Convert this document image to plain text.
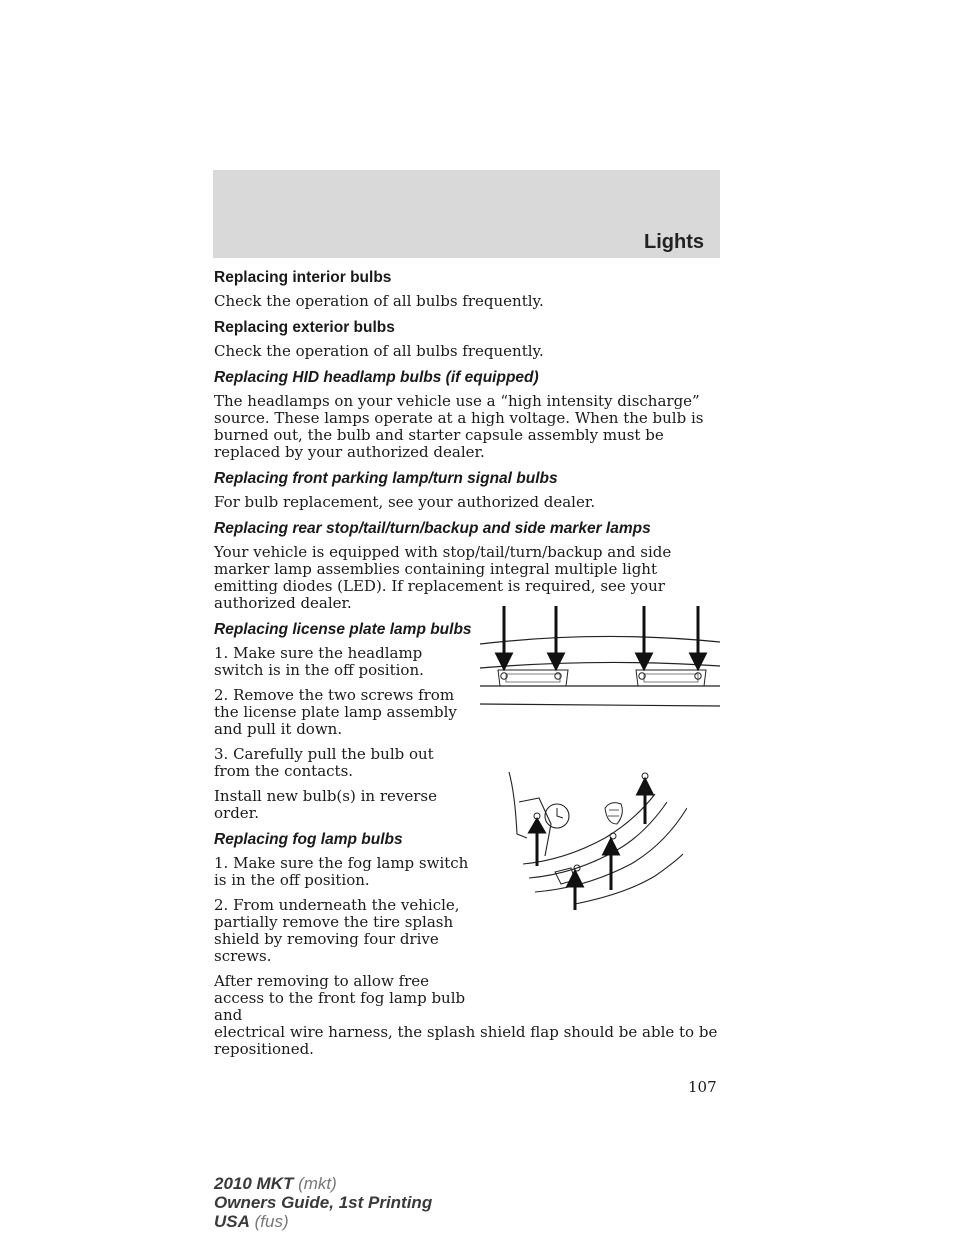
Lights
Replacing interior bulbs

Check the operation of all bulbs frequently.

Replacing exterior bulbs

Check the operation of all bulbs frequently.

Replacing HID headlamp bulbs (if equipped)

The headlamps on your vehicle use a “high intensity discharge” source. These lamps operate at a high voltage. When the bulb is burned out, the bulb and starter capsule assembly must be replaced by your authorized dealer.

Replacing front parking lamp/turn signal bulbs

For bulb replacement, see your authorized dealer.

Replacing rear stop/tail/turn/backup and side marker lamps

Your vehicle is equipped with stop/tail/turn/backup and side marker lamp assemblies containing integral multiple light emitting diodes (LED). If replacement is required, see your authorized dealer.

Replacing license plate lamp bulbs

1. Make sure the headlamp switch is in the off position.

2. Remove the two screws from the license plate lamp assembly and pull it down.

3. Carefully pull the bulb out from the contacts.

Install new bulb(s) in reverse order.

Replacing fog lamp bulbs

1. Make sure the fog lamp switch is in the off position.

2. From underneath the vehicle, partially remove the tire splash shield by removing four drive screws.

After removing to allow free access to the front fog lamp bulb and

electrical wire harness, the splash shield flap should be able to be repositioned.

107
2010 MKT (mkt)
Owners Guide, 1st Printing
USA (fus)
